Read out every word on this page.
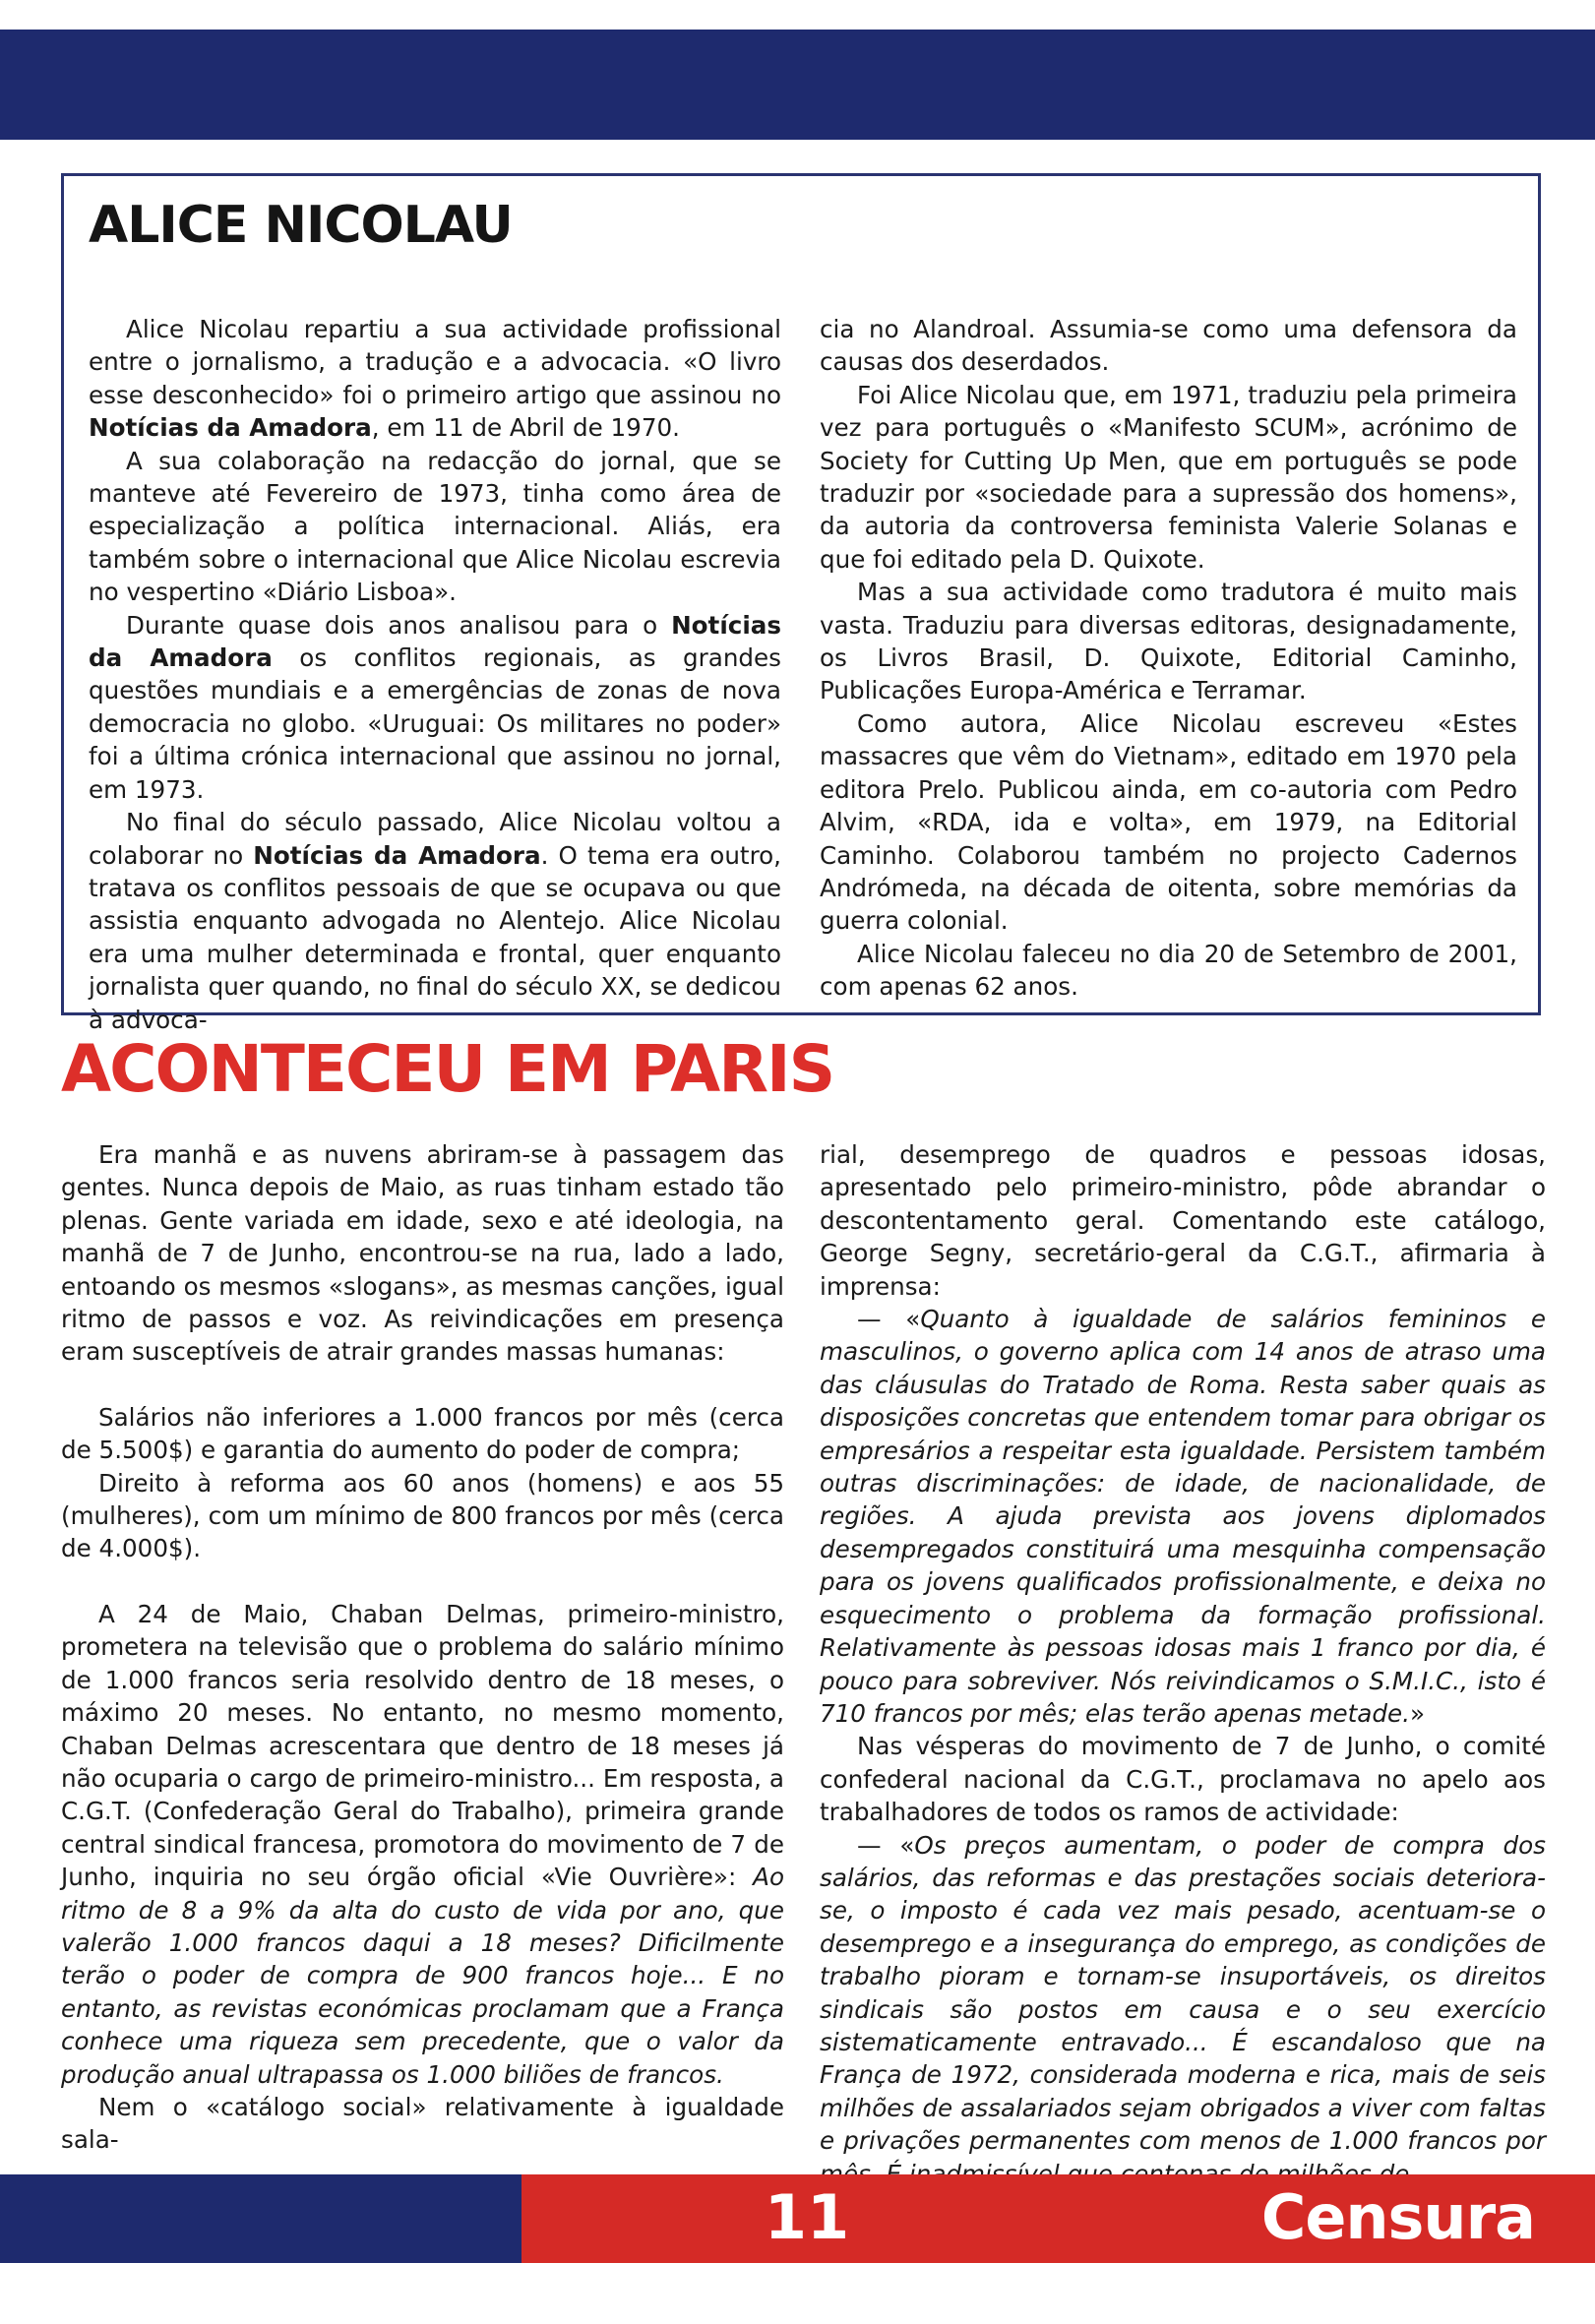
ALICE NICOLAU

Alice Nicolau repartiu a sua actividade profissional entre o jornalismo, a tradução e a advocacia. «O livro esse desconhecido» foi o primeiro artigo que assinou no Notícias da Amadora, em 11 de Abril de 1970.

A sua colaboração na redacção do jornal, que se manteve até Fevereiro de 1973, tinha como área de especialização a política internacional. Aliás, era também sobre o internacional que Alice Nicolau escrevia no vespertino «Diário Lisboa».

Durante quase dois anos analisou para o Notícias da Amadora os conflitos regionais, as grandes questões mundiais e a emergências de zonas de nova democracia no globo. «Uruguai: Os militares no poder» foi a última crónica internacional que assinou no jornal, em 1973.

No final do século passado, Alice Nicolau voltou a colaborar no Notícias da Amadora. O tema era outro, tratava os conflitos pessoais de que se ocupava ou que assistia enquanto advogada no Alentejo. Alice Nicolau era uma mulher determinada e frontal, quer enquanto jornalista quer quando, no final do século XX, se dedicou à advoca-

cia no Alandroal. Assumia-se como uma defensora da causas dos deserdados.

Foi Alice Nicolau que, em 1971, traduziu pela primeira vez para português o «Manifesto SCUM», acrónimo de Society for Cutting Up Men, que em português se pode traduzir por «sociedade para a supressão dos homens», da autoria da controversa feminista Valerie Solanas e que foi editado pela D. Quixote.

Mas a sua actividade como tradutora é muito mais vasta. Traduziu para diversas editoras, designadamente, os Livros Brasil, D. Quixote, Editorial Caminho, Publicações Europa-América e Terramar.

Como autora, Alice Nicolau escreveu «Estes massacres que vêm do Vietnam», editado em 1970 pela editora Prelo. Publicou ainda, em co-autoria com Pedro Alvim, «RDA, ida e volta», em 1979, na Editorial Caminho. Colaborou também no projecto Cadernos Andrómeda, na década de oitenta, sobre memórias da guerra colonial.

Alice Nicolau faleceu no dia 20 de Setembro de 2001, com apenas 62 anos.

ACONTECEU EM PARIS

Era manhã e as nuvens abriram-se à passagem das gentes. Nunca depois de Maio, as ruas tinham estado tão plenas. Gente variada em idade, sexo e até ideologia, na manhã de 7 de Junho, encontrou-se na rua, lado a lado, entoando os mesmos «slogans», as mesmas canções, igual ritmo de passos e voz. As reivindicações em presença eram susceptíveis de atrair grandes massas humanas:

Salários não inferiores a 1.000 francos por mês (cerca de 5.500$) e garantia do aumento do poder de compra;

Direito à reforma aos 60 anos (homens) e aos 55 (mulheres), com um mínimo de 800 francos por mês (cerca de 4.000$).

A 24 de Maio, Chaban Delmas, primeiro-ministro, prometera na televisão que o problema do salário mínimo de 1.000 francos seria resolvido dentro de 18 meses, o máximo 20 meses. No entanto, no mesmo momento, Chaban Delmas acrescentara que dentro de 18 meses já não ocuparia o cargo de primeiro-ministro... Em resposta, a C.G.T. (Confederação Geral do Trabalho), primeira grande central sindical francesa, promotora do movimento de 7 de Junho, inquiria no seu órgão oficial «Vie Ouvrière»: Ao ritmo de 8 a 9% da alta do custo de vida por ano, que valerão 1.000 francos daqui a 18 meses? Dificilmente terão o poder de compra de 900 francos hoje... E no entanto, as revistas económicas proclamam que a França conhece uma riqueza sem precedente, que o valor da produção anual ultrapassa os 1.000 biliões de francos.

Nem o «catálogo social» relativamente à igualdade sala-

rial, desemprego de quadros e pessoas idosas, apresentado pelo primeiro-ministro, pôde abrandar o descontentamento geral. Comentando este catálogo, George Segny, secretário-geral da C.G.T., afirmaria à imprensa:

— «Quanto à igualdade de salários femininos e masculinos, o governo aplica com 14 anos de atraso uma das cláusulas do Tratado de Roma. Resta saber quais as disposições concretas que entendem tomar para obrigar os empresários a respeitar esta igualdade. Persistem também outras discriminações: de idade, de nacionalidade, de regiões. A ajuda prevista aos jovens diplomados desempregados constituirá uma mesquinha compensação para os jovens qualificados profissionalmente, e deixa no esquecimento o problema da formação profissional. Relativamente às pessoas idosas mais 1 franco por dia, é pouco para sobreviver. Nós reivindicamos o S.M.I.C., isto é 710 francos por mês; elas terão apenas metade.»

Nas vésperas do movimento de 7 de Junho, o comité confederal nacional da C.G.T., proclamava no apelo aos trabalhadores de todos os ramos de actividade:

— «Os preços aumentam, o poder de compra dos salários, das reformas e das prestações sociais deteriora-se, o imposto é cada vez mais pesado, acentuam-se o desemprego e a insegurança do emprego, as condições de trabalho pioram e tornam-se insuportáveis, os direitos sindicais são postos em causa e o seu exercício sistematicamente entravado... É escandaloso que na França de 1972, considerada moderna e rica, mais de seis milhões de assalariados sejam obrigados a viver com faltas e privações permanentes com menos de 1.000 francos por

11	Censura 16
